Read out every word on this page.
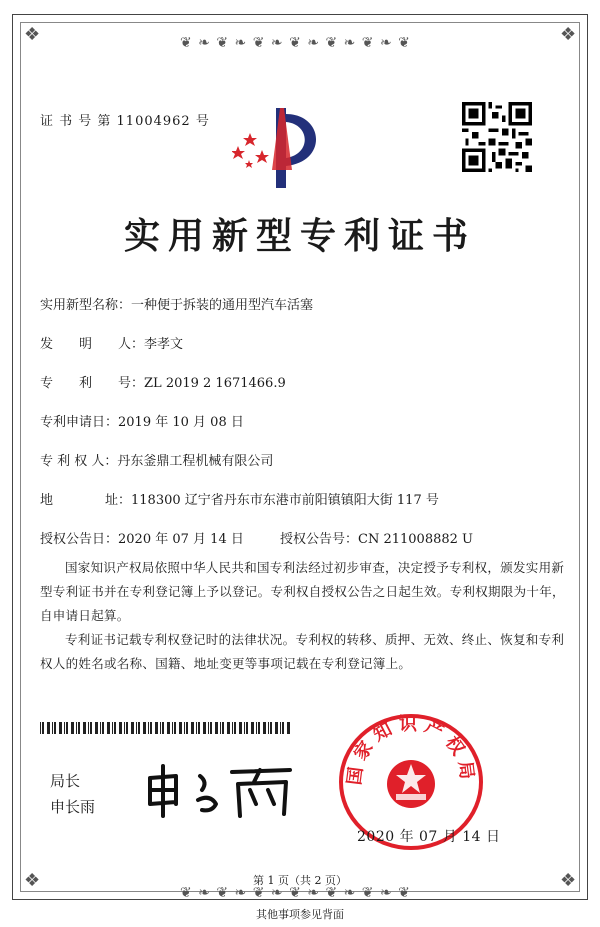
❦ ❧ ❦ ❧ ❦ ❧ ❦ ❧ ❦ ❧ ❦ ❧ ❦
❦ ❧ ❦ ❧ ❦ ❧ ❦ ❧ ❦ ❧ ❦ ❧ ❦
❖	❖
❖	❖
证 书 号 第 11004962 号
实用新型专利证书
实用新型名称：一种便于拆装的通用型汽车活塞
发　　明　　人：李孝文
专　　利　　号：ZL 2019 2 1671466.9
专利申请日：2019 年 10 月 08 日
专 利 权 人：丹东釜鼎工程机械有限公司
地　　　　址：118300 辽宁省丹东市东港市前阳镇镇阳大街 117 号
授权公告日：2020 年 07 月 14 日	授权公告号：CN 211008882 U
国家知识产权局依照中华人民共和国专利法经过初步审查，决定授予专利权，颁发实用新型专利证书并在专利登记簿上予以登记。专利权自授权公告之日起生效。专利权期限为十年，自申请日起算。
专利证书记载专利权登记时的法律状况。专利权的转移、质押、无效、终止、恢复和专利权人的姓名或名称、国籍、地址变更等事项记载在专利登记簿上。
局长
申长雨
国家知识产权局
2020 年 07 月 14 日
第 1 页（共 2 页）
其他事项参见背面
